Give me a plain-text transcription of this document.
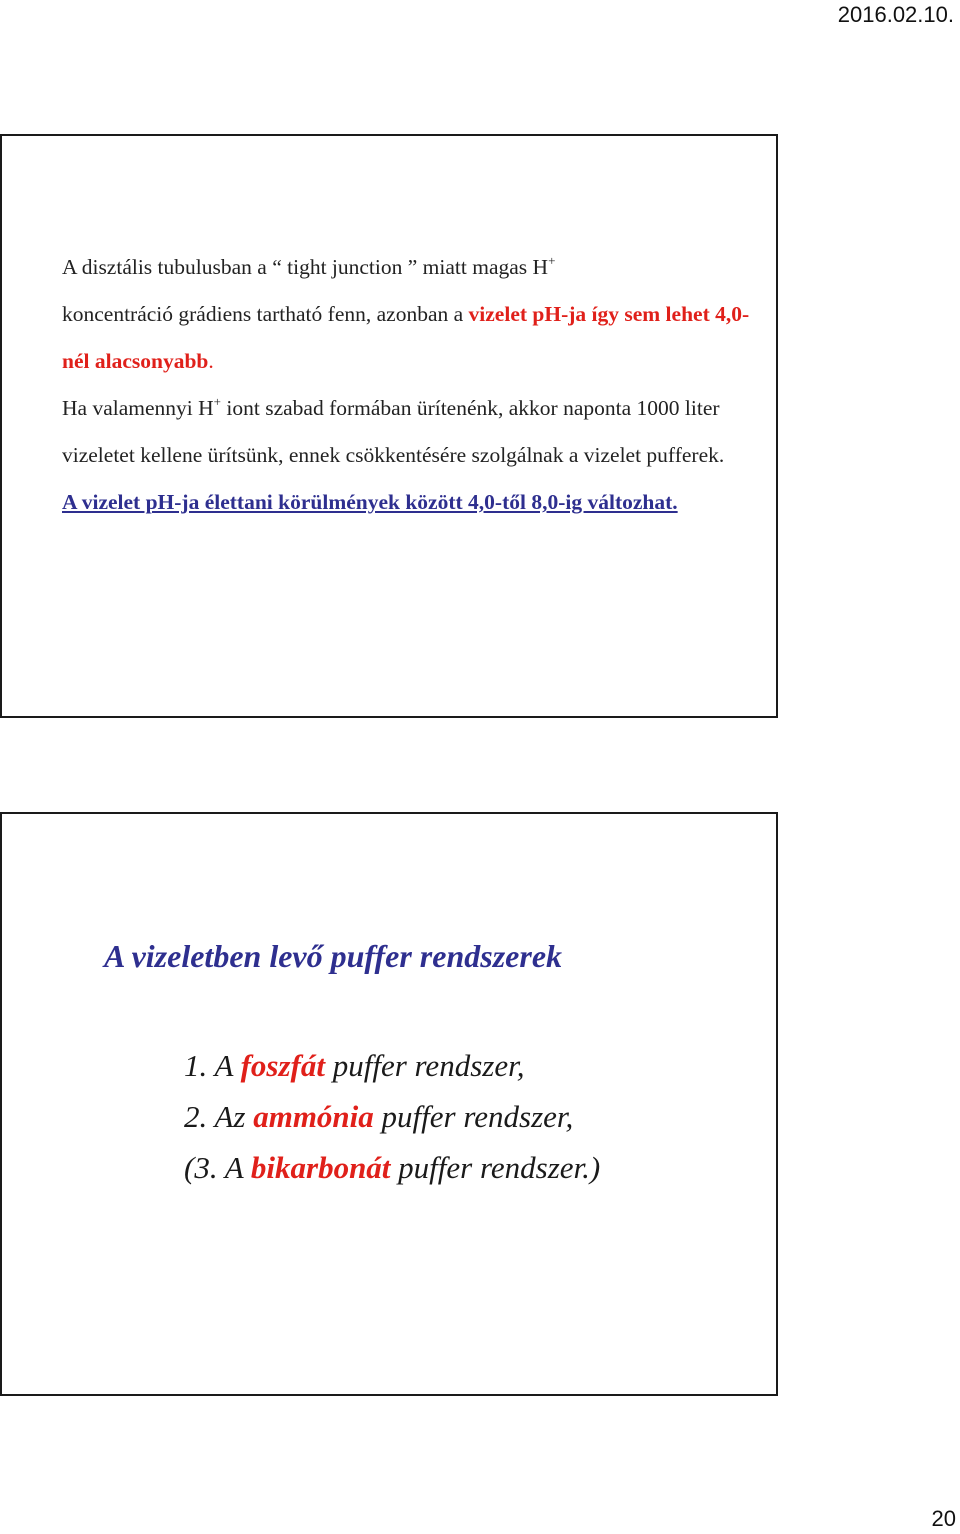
2016.02.10.

A disztális tubulusban a “ tight junction ” miatt magas H+
koncentráció grádiens tartható fenn, azonban a vizelet pH-ja így sem lehet 4,0-nél alacsonyabb.

Ha valamennyi H+ iont szabad formában ürítenénk, akkor naponta 1000 liter vizeletet kellene ürítsünk, ennek csökkentésére szolgálnak a vizelet pufferek.

A vizelet pH-ja élettani körülmények között 4,0-től 8,0-ig változhat.

A vizeletben levő puffer rendszerek
1. A foszfát puffer rendszer,
2. Az ammónia puffer rendszer,
(3. A bikarbonát puffer rendszer.)
20
